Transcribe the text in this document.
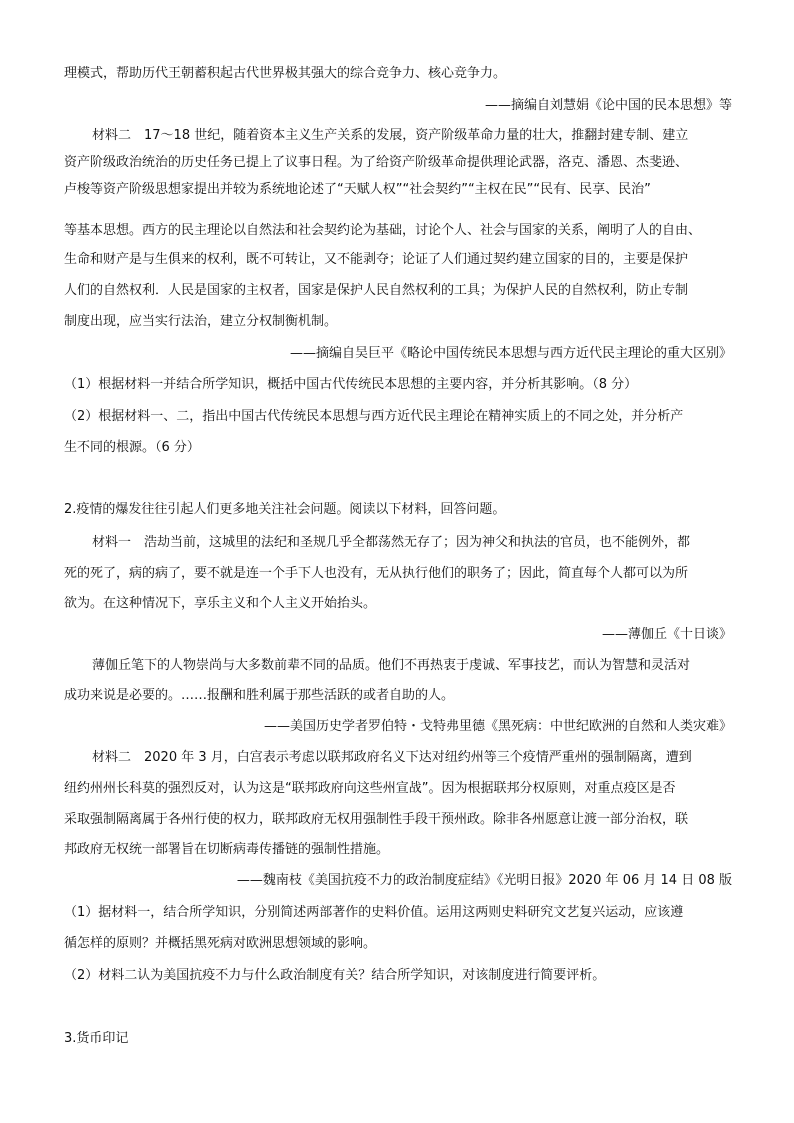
理模式，帮助历代王朝蓄积起古代世界极其强大的综合竞争力、核心竞争力。
——摘编自刘慧娟《论中国的民本思想》等
材料二　17～18 世纪，随着资本主义生产关系的发展，资产阶级革命力量的壮大，推翻封建专制、建立
资产阶级政治统治的历史任务已提上了议事日程。为了给资产阶级革命提供理论武器，洛克、潘恩、杰斐逊、
卢梭等资产阶级思想家提出并较为系统地论述了“天赋人权”“社会契约”“主权在民”“民有、民享、民治”
等基本思想。西方的民主理论以自然法和社会契约论为基础，讨论个人、社会与国家的关系，阐明了人的自由、
生命和财产是与生俱来的权利，既不可转让，又不能剥夺；论证了人们通过契约建立国家的目的，主要是保护
人们的自然权利．人民是国家的主权者，国家是保护人民自然权利的工具；为保护人民的自然权利，防止专制
制度出现，应当实行法治，建立分权制衡机制。
——摘编自吴巨平《略论中国传统民本思想与西方近代民主理论的重大区别》
（1）根据材料一并结合所学知识，概括中国古代传统民本思想的主要内容，并分析其影响。（8 分）
（2）根据材料一、二，指出中国古代传统民本思想与西方近代民主理论在精神实质上的不同之处，并分析产
生不同的根源。（6 分）
2.疫情的爆发往往引起人们更多地关注社会问题。阅读以下材料，回答问题。
材料一　浩劫当前，这城里的法纪和圣规几乎全都荡然无存了；因为神父和执法的官员，也不能例外，都
死的死了，病的病了，要不就是连一个手下人也没有，无从执行他们的职务了；因此，简直每个人都可以为所
欲为。在这种情况下，享乐主义和个人主义开始抬头。
——薄伽丘《十日谈》
薄伽丘笔下的人物崇尚与大多数前辈不同的品质。他们不再热衷于虔诚、军事技艺，而认为智慧和灵活对
成功来说是必要的。……报酬和胜利属于那些活跃的或者自助的人。
——美国历史学者罗伯特・戈特弗里德《黑死病：中世纪欧洲的自然和人类灾难》
材料二　2020 年 3 月，白宫表示考虑以联邦政府名义下达对纽约州等三个疫情严重州的强制隔离，遭到
纽约州州长科莫的强烈反对，认为这是“联邦政府向这些州宣战”。因为根据联邦分权原则，对重点疫区是否
采取强制隔离属于各州行使的权力，联邦政府无权用强制性手段干预州政。除非各州愿意让渡一部分治权，联
邦政府无权统一部署旨在切断病毒传播链的强制性措施。
——魏南枝《美国抗疫不力的政治制度症结》《光明日报》2020 年 06 月 14 日 08 版
（1）据材料一，结合所学知识，分别简述两部著作的史料价值。运用这两则史料研究文艺复兴运动，应该遵
循怎样的原则？并概括黑死病对欧洲思想领域的影响。
（2）材料二认为美国抗疫不力与什么政治制度有关？结合所学知识，对该制度进行简要评析。
3.货币印记
